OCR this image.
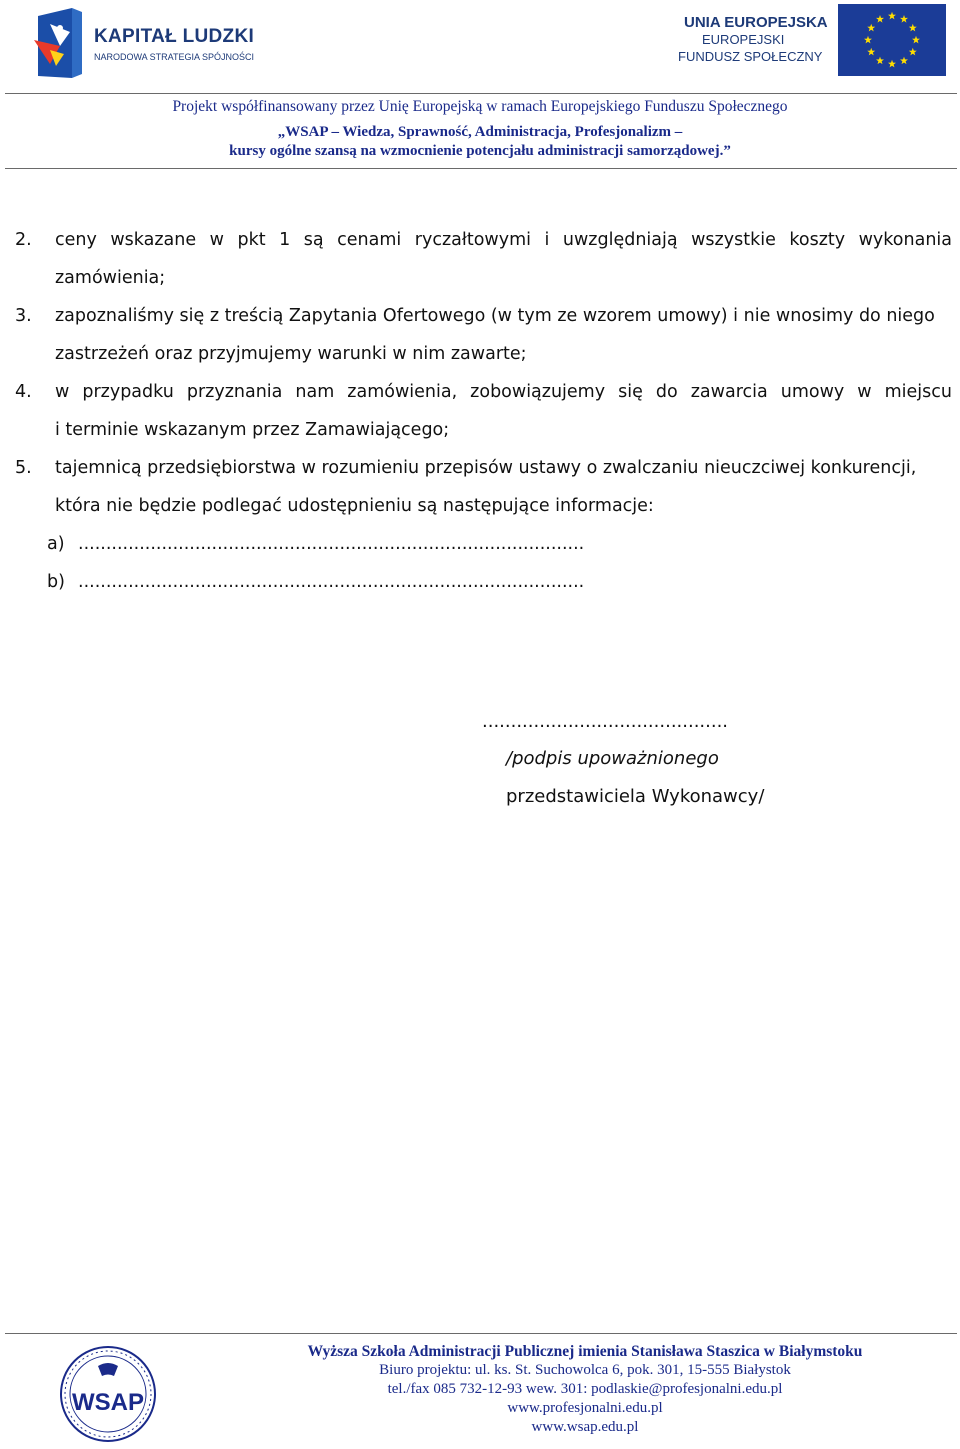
KAPITAŁ LUDZKI
NARODOWA STRATEGIA SPÓJNOŚCI
UNIA EUROPEJSKA
EUROPEJSKI
FUNDUSZ SPOŁECZNY
Projekt współfinansowany przez Unię Europejską w ramach Europejskiego Funduszu Społecznego
„WSAP – Wiedza, Sprawność, Administracja, Profesjonalizm –
kursy ogólne szansą na wzmocnienie potencjału administracji samorządowej.”
2. ceny wskazane w pkt 1 są cenami ryczałtowymi i uwzględniają wszystkie koszty wykonania
zamówienia;
3. zapoznaliśmy się z treścią Zapytania Ofertowego (w tym ze wzorem umowy) i nie wnosimy do niego
zastrzeżeń oraz przyjmujemy warunki w nim zawarte;
4. w przypadku przyznania nam zamówienia, zobowiązujemy się do zawarcia umowy w miejscu
i terminie wskazanym przez Zamawiającego;
5. tajemnicą przedsiębiorstwa w rozumieniu przepisów ustawy o zwalczaniu nieuczciwej konkurencji,
która nie będzie podlegać udostępnieniu są następujące informacje:
a) ...........................................................................................
b) ...........................................................................................
...........................................
/podpis upoważnionego
przedstawiciela Wykonawcy/
WSAP
Wyższa Szkoła Administracji Publicznej imienia Stanisława Staszica w Białymstoku
Biuro projektu: ul. ks. St. Suchowolca 6, pok. 301, 15-555 Białystok
tel./fax 085 732-12-93 wew. 301: podlaskie@profesjonalni.edu.pl
www.profesjonalni.edu.pl
www.wsap.edu.pl
